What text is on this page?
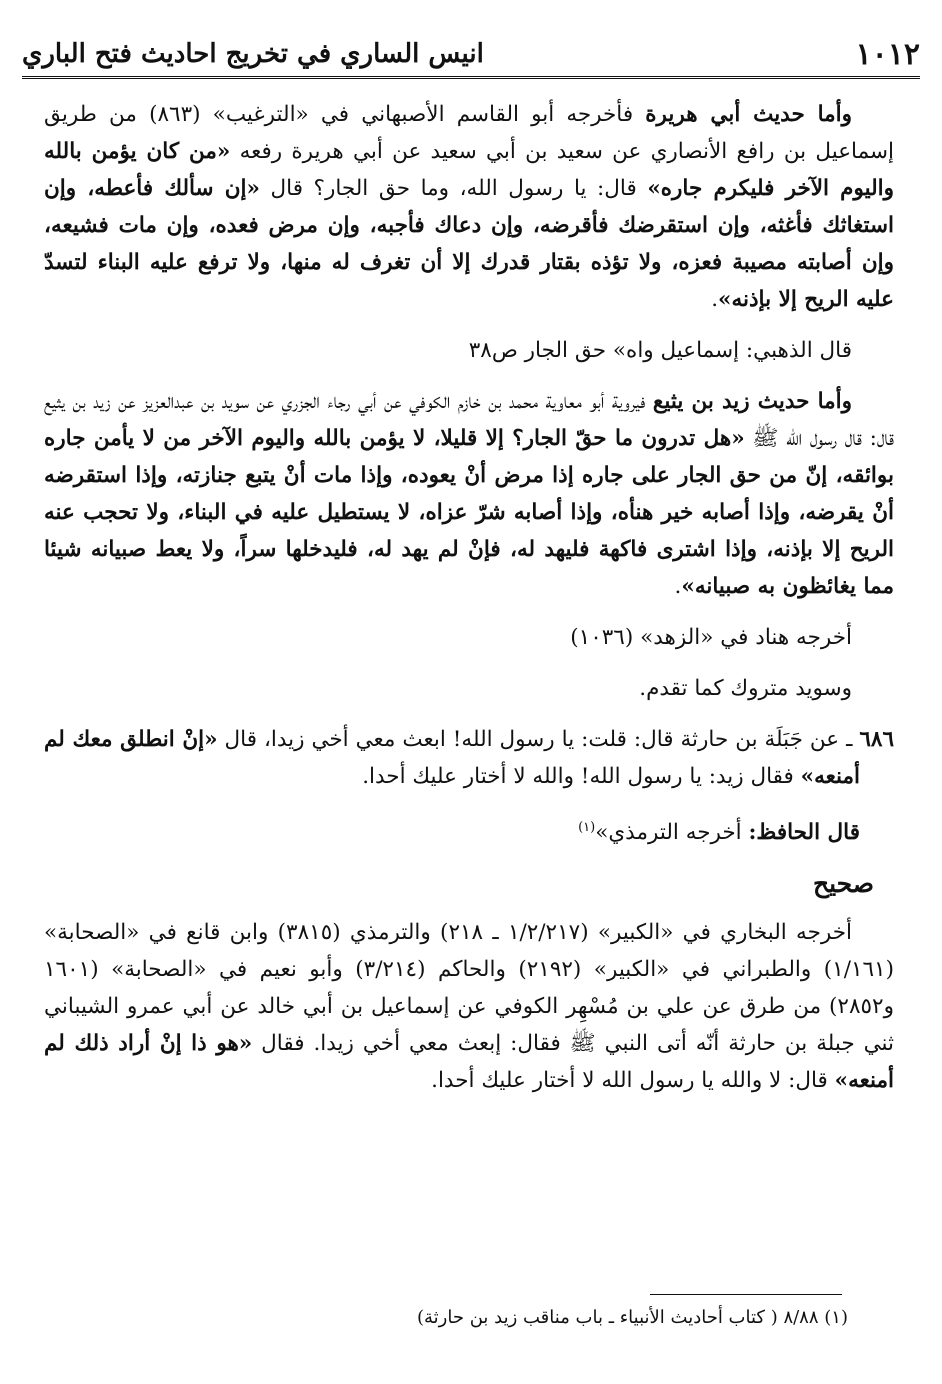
١٠١٢
انيس الساري في تخريج احاديث فتح الباري

وأما حديث أبي هريرة فأخرجه أبو القاسم الأصبهاني في «الترغيب» (٨٦٣) من طريق إسماعيل بن رافع الأنصاري عن سعيد بن أبي سعيد عن أبي هريرة رفعه «من كان يؤمن بالله واليوم الآخر فليكرم جاره» قال: يا رسول الله، وما حق الجار؟ قال «إن سألك فأعطه، وإن استغاثك فأغثه، وإن استقرضك فأقرضه، وإن دعاك فأجبه، وإن مرض فعده، وإن مات فشيعه، وإن أصابته مصيبة فعزه، ولا تؤذه بقتار قدرك إلا أن تغرف له منها، ولا ترفع عليه البناء لتسدّ عليه الريح إلا بإذنه».

قال الذهبي: إسماعيل واه» حق الجار ص٣٨

وأما حديث زيد بن يثيع فيروية أبو معاوية محمد بن خازم الكوفي عن أبي رجاء الجزري عن سويد بن عبدالعزيز عن زيد بن يثيع قال: قال رسول الله ﷺ «هل تدرون ما حقّ الجار؟ إلا قليلا، لا يؤمن بالله واليوم الآخر من لا يأمن جاره بوائقه، إنّ من حق الجار على جاره إذا مرض أنْ يعوده، وإذا مات أنْ يتبع جنازته، وإذا استقرضه أنْ يقرضه، وإذا أصابه خير هنأه، وإذا أصابه شرّ عزاه، لا يستطيل عليه في البناء، ولا تحجب عنه الريح إلا بإذنه، وإذا اشترى فاكهة فليهد له، فإنْ لم يهد له، فليدخلها سراً، ولا يعط صبيانه شيئا مما يغائظون به صبيانه».

أخرجه هناد في «الزهد» (١٠٣٦)

وسويد متروك كما تقدم.

٦٨٦ ـ عن جَبَلَة بن حارثة قال: قلت: يا رسول الله! ابعث معي أخي زيدا، قال «إنْ انطلق معك لم أمنعه» فقال زيد: يا رسول الله! والله لا أختار عليك أحدا.

قال الحافظ: أخرجه الترمذي»$^{(١)}$

صحيح

أخرجه البخاري في «الكبير» (١/٢/٢١٧ ـ ٢١٨) والترمذي (٣٨١٥) وابن قانع في «الصحابة» (١/١٦١) والطبراني في «الكبير» (٢١٩٢) والحاكم (٣/٢١٤) وأبو نعيم في «الصحابة» (١٦٠١ و٢٨٥٢) من طرق عن علي بن مُسْهِر الكوفي عن إسماعيل بن أبي خالد عن أبي عمرو الشيباني ثني جبلة بن حارثة أنّه أتى النبي ﷺ فقال: إبعث معي أخي زيدا. فقال «هو ذا إنْ أراد ذلك لم أمنعه» قال: لا والله يا رسول الله لا أختار عليك أحدا.

(١) ٨/٨٨ ( كتاب أحاديث الأنبياء ـ باب مناقب زيد بن حارثة)
